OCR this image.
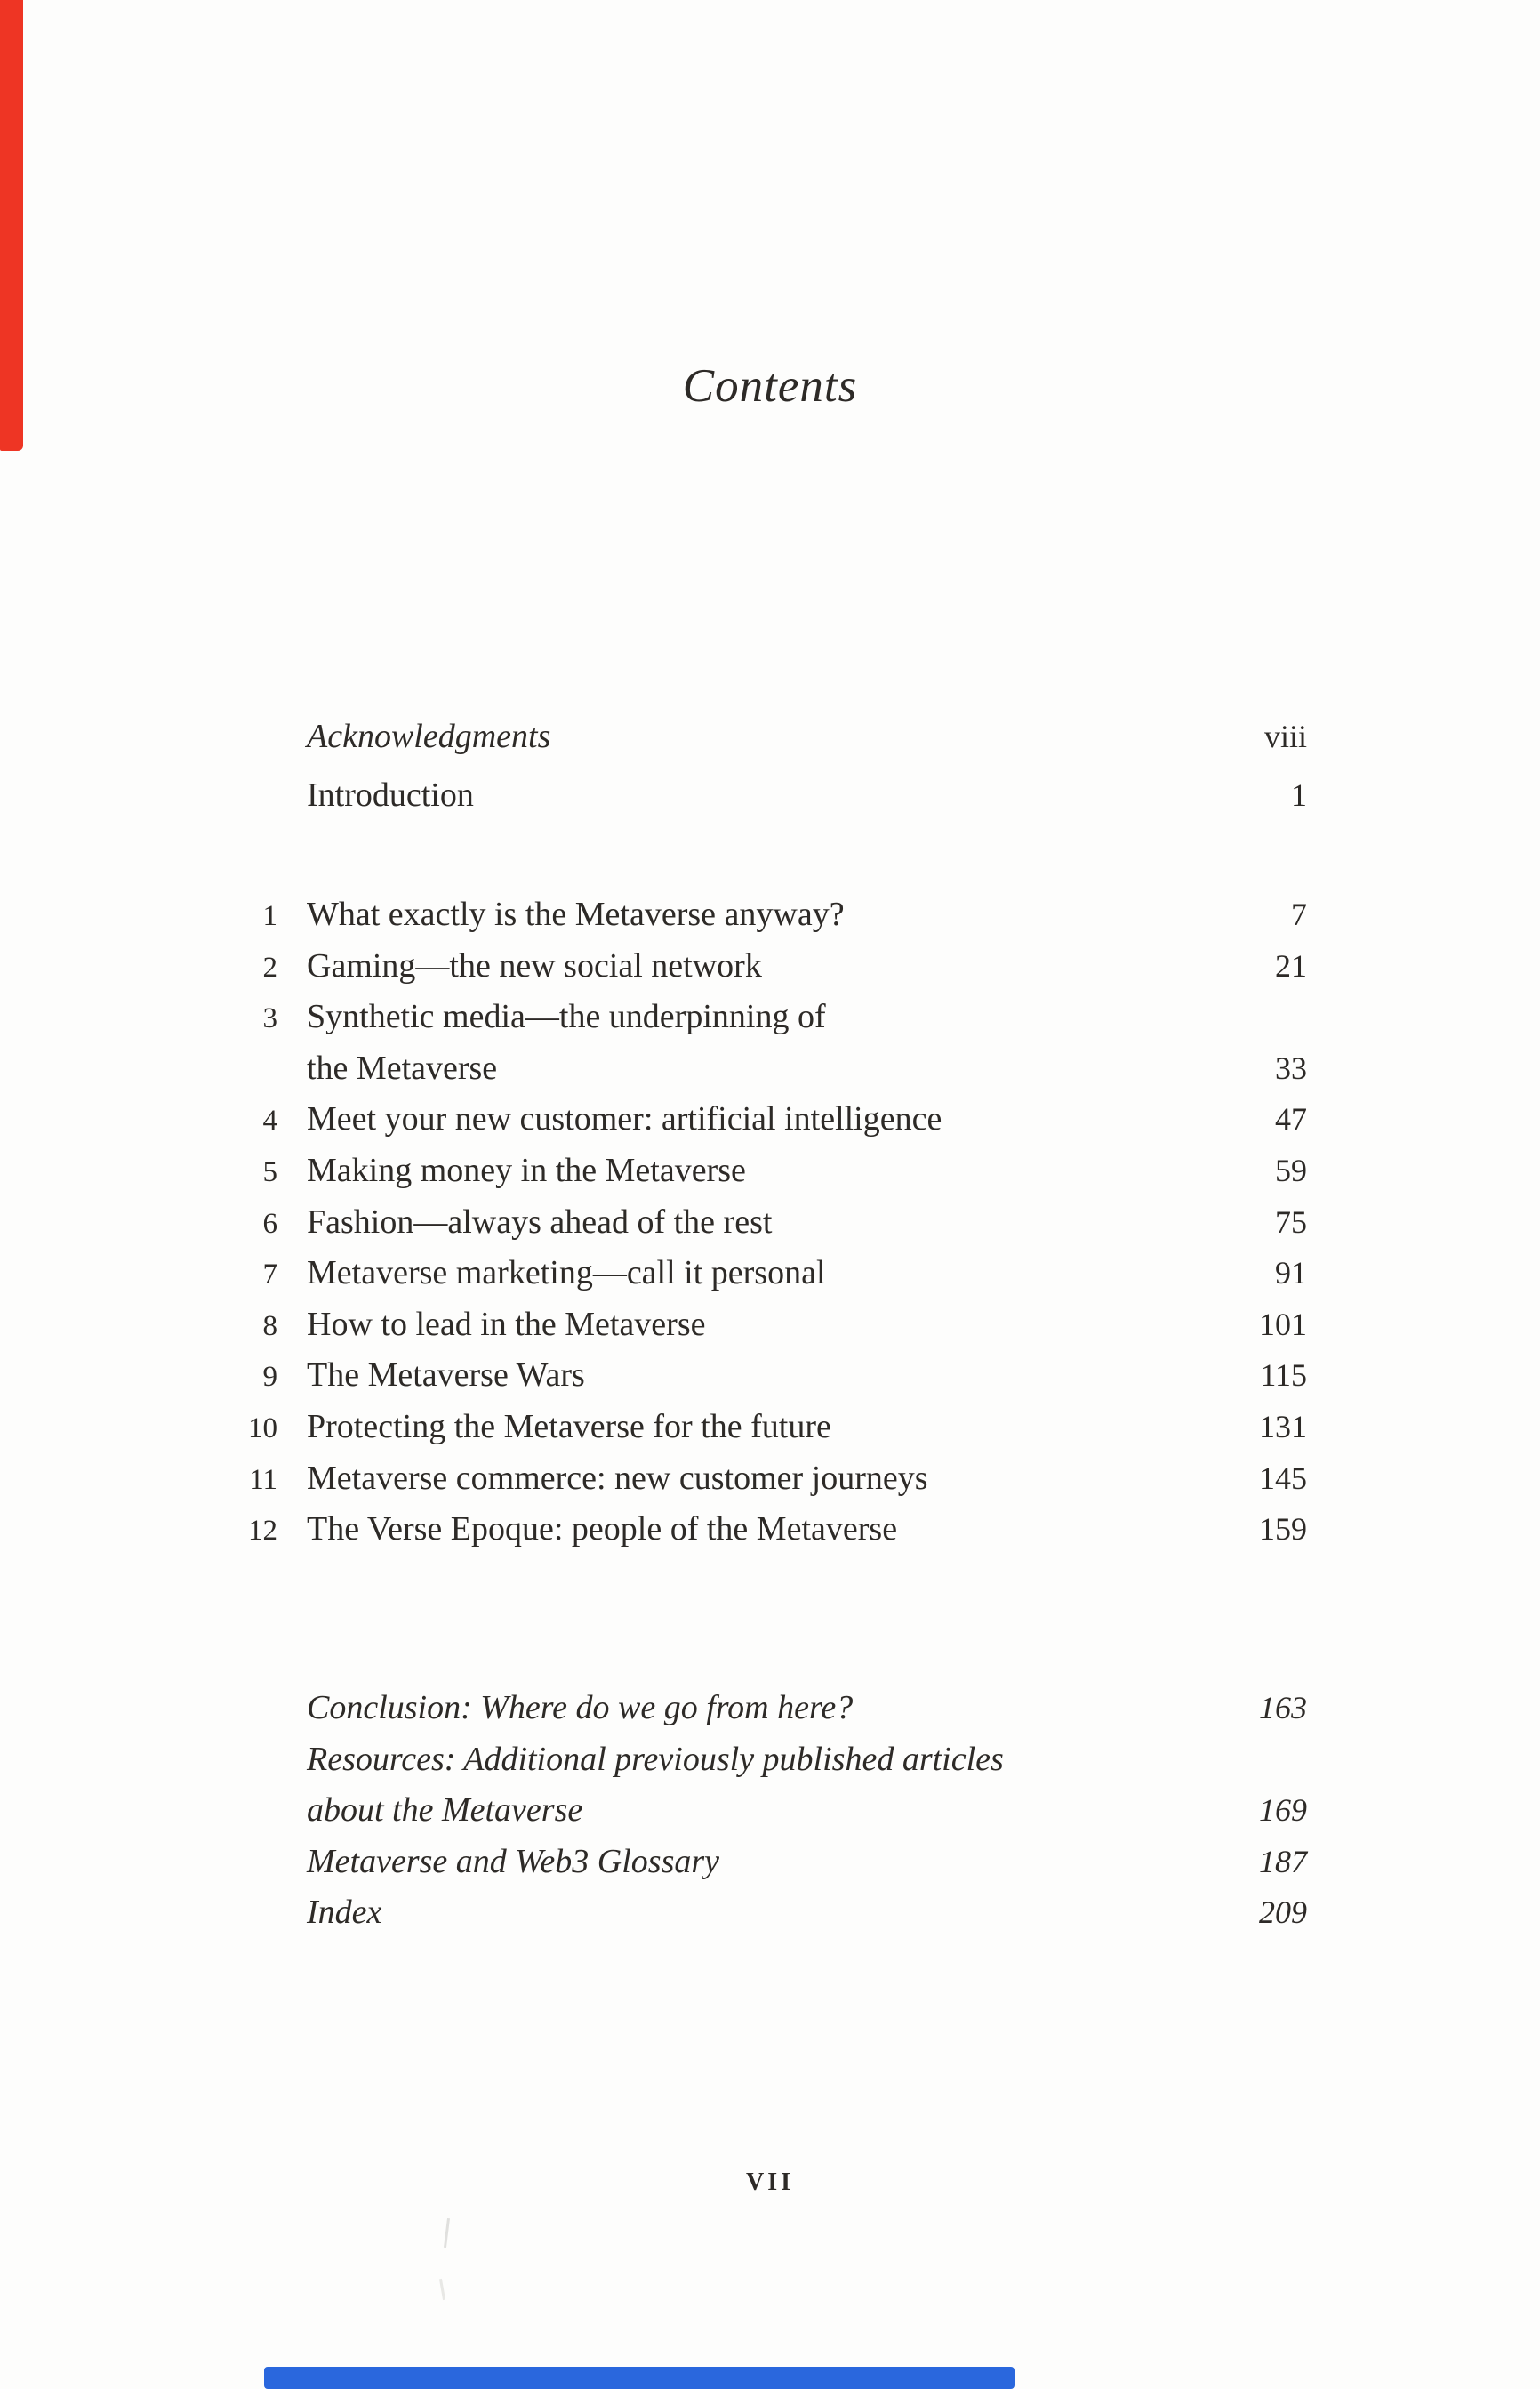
Contents
Acknowledgments	viii
Introduction	1
1 What exactly is the Metaverse anyway?	7
2 Gaming—the new social network	21
3 Synthetic media—the underpinning of
the Metaverse	33
4 Meet your new customer: artificial intelligence	47
5 Making money in the Metaverse	59
6 Fashion—always ahead of the rest	75
7 Metaverse marketing—call it personal	91
8 How to lead in the Metaverse	101
9 The Metaverse Wars	115
10 Protecting the Metaverse for the future	131
11 Metaverse commerce: new customer journeys	145
12 The Verse Epoque: people of the Metaverse	159
Conclusion: Where do we go from here?	163
Resources: Additional previously published articles
about the Metaverse	169
Metaverse and Web3 Glossary	187
Index	209
VII
